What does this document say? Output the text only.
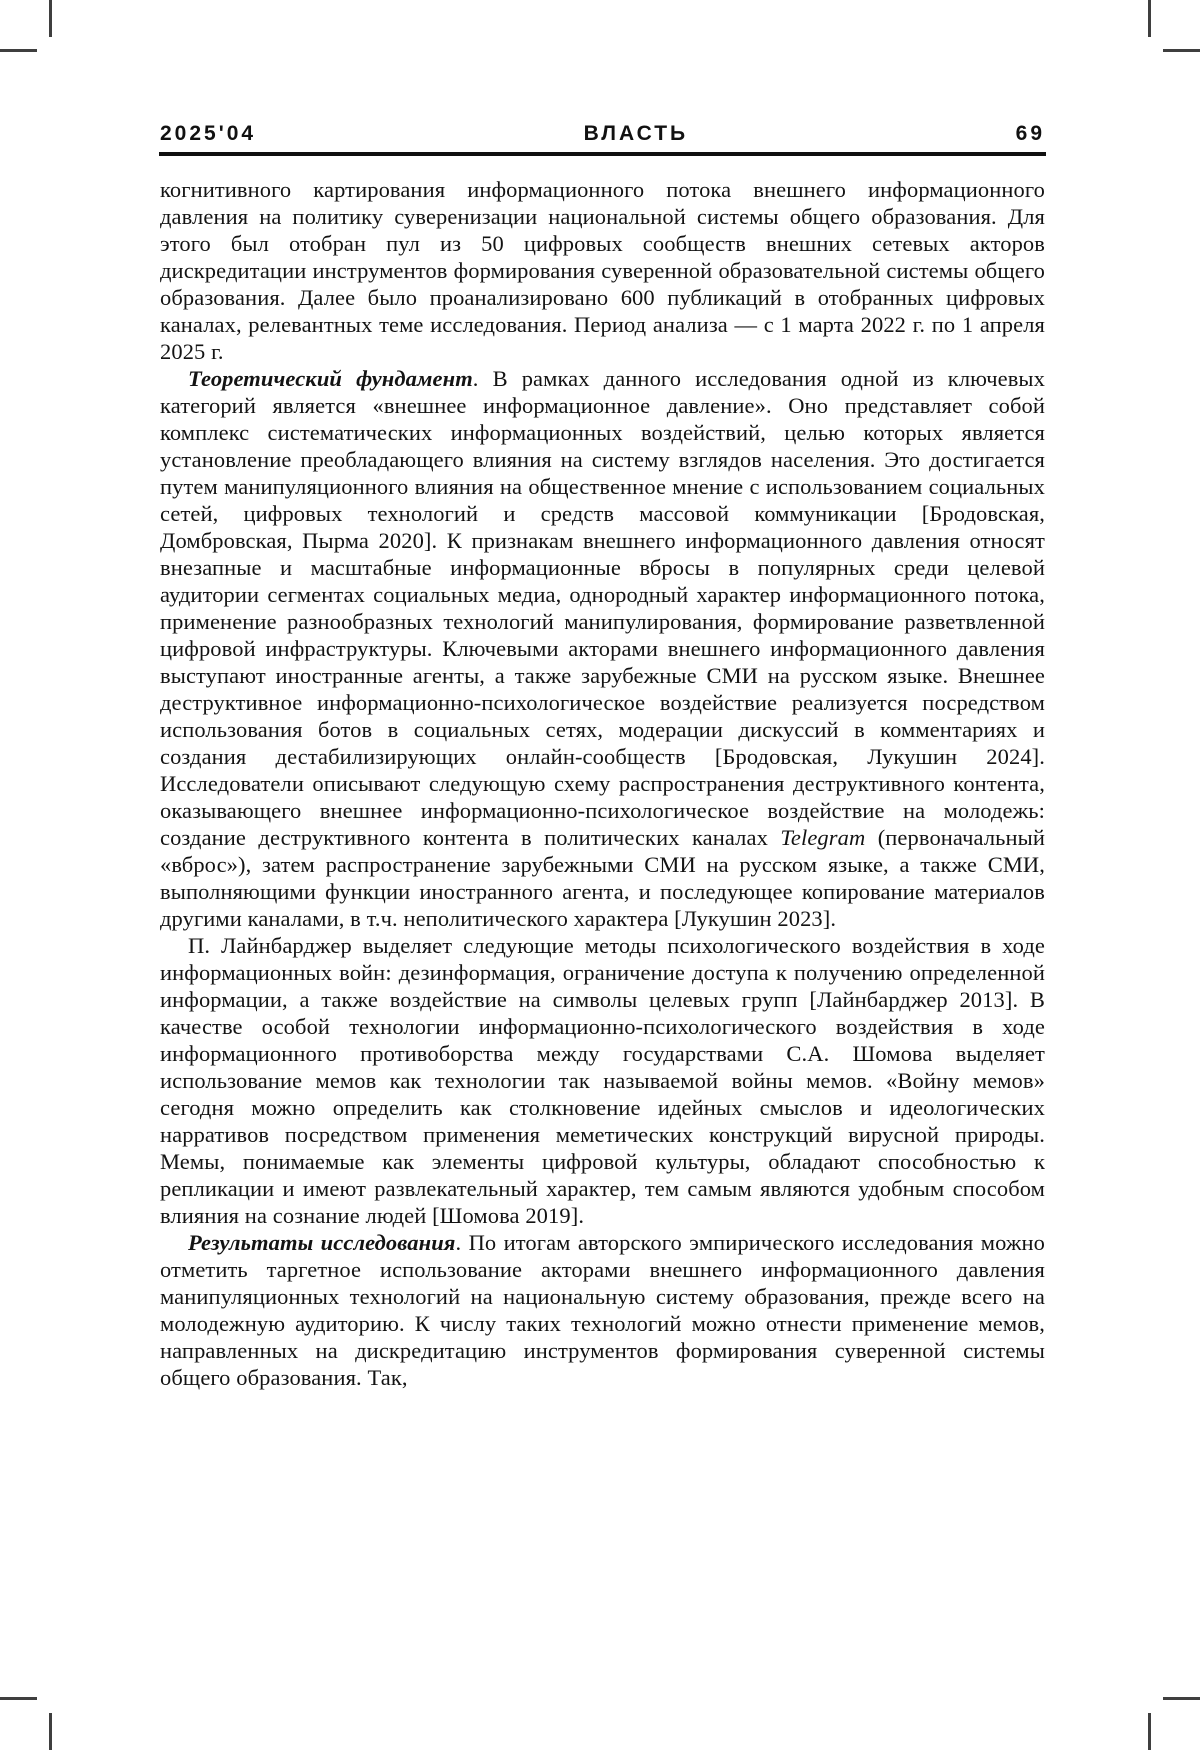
2025'04	ВЛАСТЬ	69

когнитивного картирования информационного потока внешнего информационного давления на политику суверенизации национальной системы общего образования. Для этого был отобран пул из 50 цифровых сообществ внешних сетевых акторов дискредитации инструментов формирования суверенной образовательной системы общего образования. Далее было проанализировано 600 публикаций в отобранных цифровых каналах, релевантных теме исследования. Период анализа — с 1 марта 2022 г. по 1 апреля 2025 г.

Теоретический фундамент. В рамках данного исследования одной из ключевых категорий является «внешнее информационное давление». Оно представляет собой комплекс систематических информационных воздействий, целью которых является установление преобладающего влияния на систему взглядов населения. Это достигается путем манипуляционного влияния на общественное мнение с использованием социальных сетей, цифровых технологий и средств массовой коммуникации [Бродовская, Домбровская, Пырма 2020]. К признакам внешнего информационного давления относят внезапные и масштабные информационные вбросы в популярных среди целевой аудитории сегментах социальных медиа, однородный характер информационного потока, применение разнообразных технологий манипулирования, формирование разветвленной цифровой инфраструктуры. Ключевыми акторами внешнего информационного давления выступают иностранные агенты, а также зарубежные СМИ на русском языке. Внешнее деструктивное информационно-психологическое воздействие реализуется посредством использования ботов в социальных сетях, модерации дискуссий в комментариях и создания дестабилизирующих онлайн-сообществ [Бродовская, Лукушин 2024]. Исследователи описывают следующую схему распространения деструктивного контента, оказывающего внешнее информационно-психологическое воздействие на молодежь: создание деструктивного контента в политических каналах Telegram (первоначальный «вброс»), затем распространение зарубежными СМИ на русском языке, а также СМИ, выполняющими функции иностранного агента, и последующее копирование материалов другими каналами, в т.ч. неполитического характера [Лукушин 2023].

П. Лайнбарджер выделяет следующие методы психологического воздействия в ходе информационных войн: дезинформация, ограничение доступа к получению определенной информации, а также воздействие на символы целевых групп [Лайнбарджер 2013]. В качестве особой технологии информационно-психологического воздействия в ходе информационного противоборства между государствами С.А. Шомова выделяет использование мемов как технологии так называемой войны мемов. «Войну мемов» сегодня можно определить как столкновение идейных смыслов и идеологических нарративов посредством применения меметических конструкций вирусной природы. Мемы, понимаемые как элементы цифровой культуры, обладают способностью к репликации и имеют развлекательный характер, тем самым являются удобным способом влияния на сознание людей [Шомова 2019].

Результаты исследования. По итогам авторского эмпирического исследования можно отметить таргетное использование акторами внешнего информационного давления манипуляционных технологий на национальную систему образования, прежде всего на молодежную аудиторию. К числу таких технологий можно отнести применение мемов, направленных на дискредитацию инструментов формирования суверенной системы общего образования. Так,
